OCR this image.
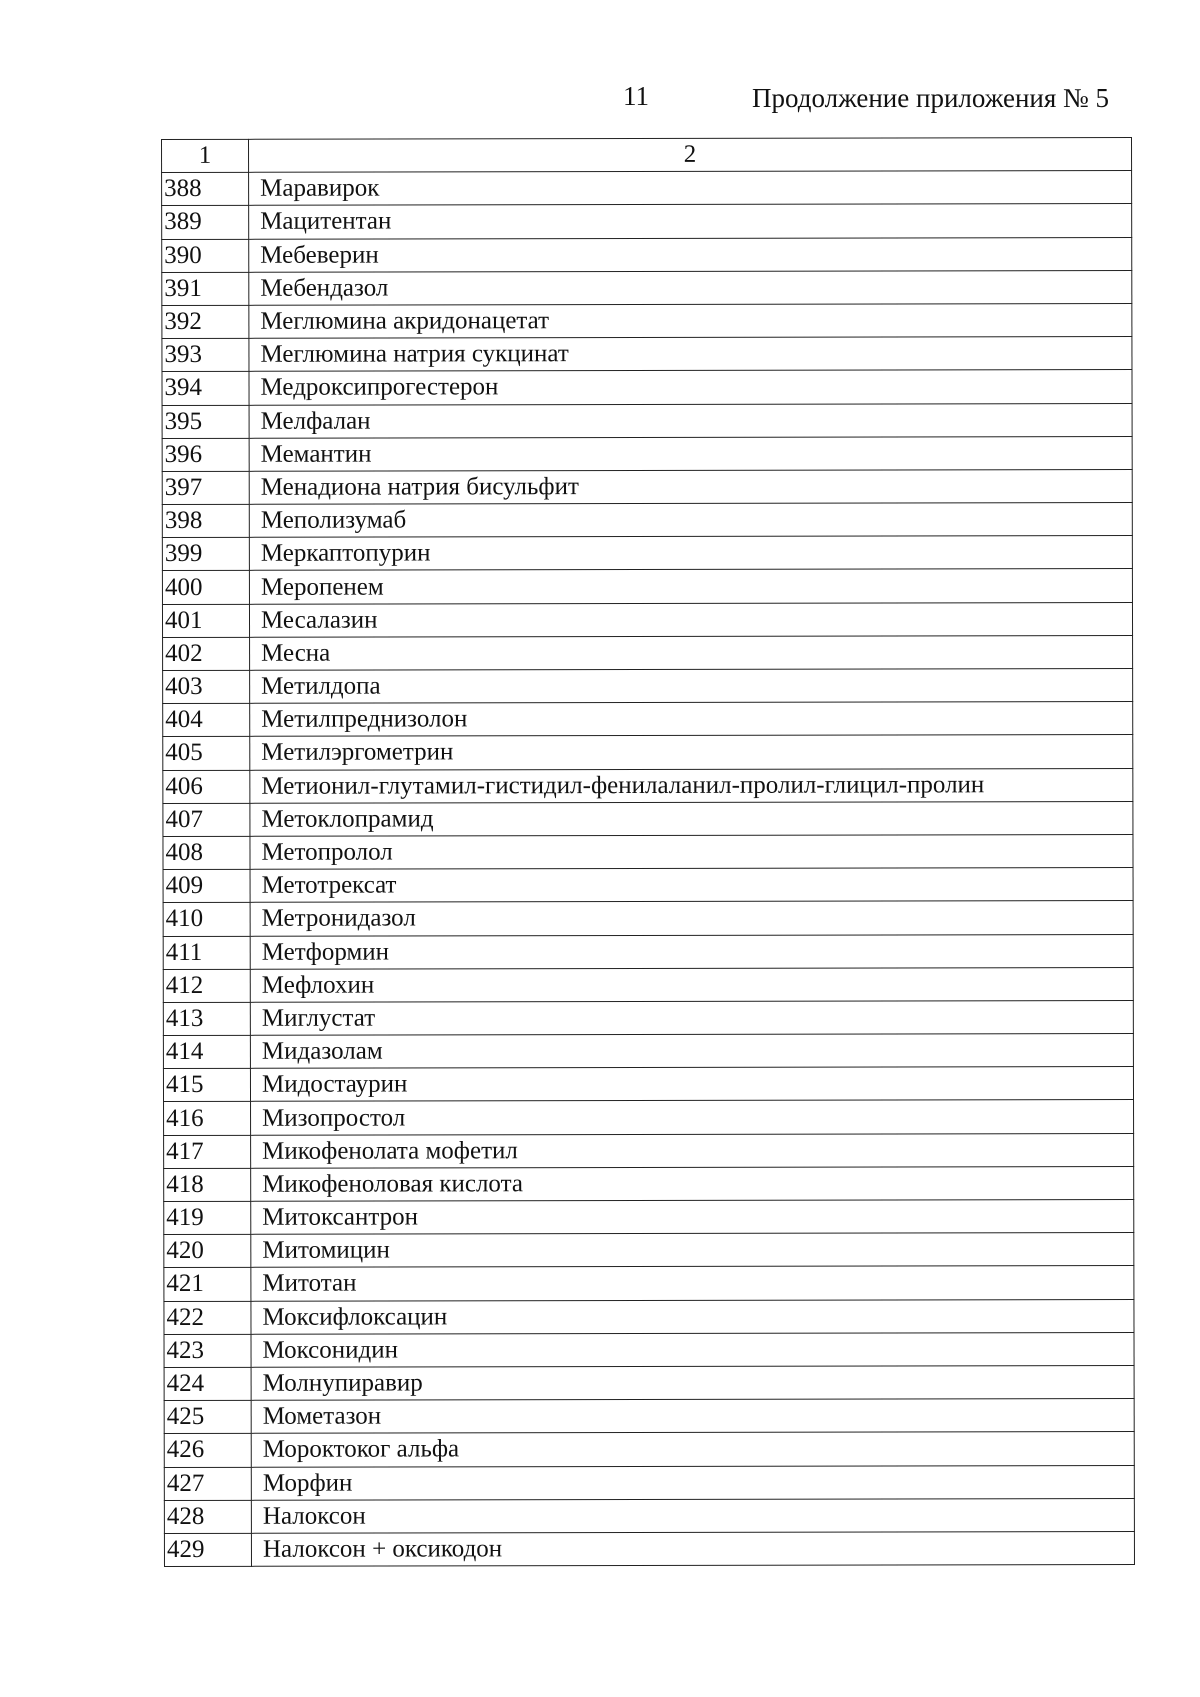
11	Продолжение приложения № 5
1	2
388	Маравирок
389	Мацитентан
390	Мебеверин
391	Мебендазол
392	Меглюмина акридонацетат
393	Меглюмина натрия сукцинат
394	Медроксипрогестерон
395	Мелфалан
396	Мемантин
397	Менадиона натрия бисульфит
398	Меполизумаб
399	Меркаптопурин
400	Меропенем
401	Месалазин
402	Месна
403	Метилдопа
404	Метилпреднизолон
405	Метилэргометрин
406	Метионил-глутамил-гистидил-фенилаланил-пролил-глицил-пролин
407	Метоклопрамид
408	Метопролол
409	Метотрексат
410	Метронидазол
411	Метформин
412	Мефлохин
413	Миглустат
414	Мидазолам
415	Мидостаурин
416	Мизопростол
417	Микофенолата мофетил
418	Микофеноловая кислота
419	Митоксантрон
420	Митомицин
421	Митотан
422	Моксифлоксацин
423	Моксонидин
424	Молнупиравир
425	Мометазон
426	Мороктоког альфа
427	Морфин
428	Налоксон
429	Налоксон + оксикодон
